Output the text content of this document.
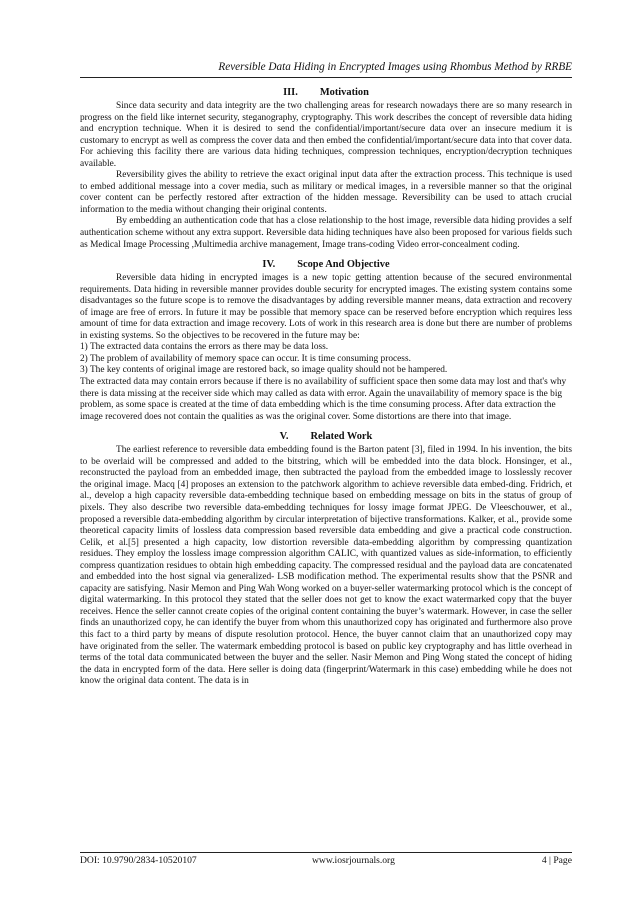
Reversible Data Hiding in Encrypted Images using Rhombus Method by RRBE
III. Motivation

Since data security and data integrity are the two challenging areas for research nowadays there are so many research in progress on the field like internet security, steganography, cryptography. This work describes the concept of reversible data hiding and encryption technique. When it is desired to send the confidential/important/secure data over an insecure medium it is customary to encrypt as well as compress the cover data and then embed the confidential/important/secure data into that cover data. For achieving this facility there are various data hiding techniques, compression techniques, encryption/decryption techniques available.

Reversibility gives the ability to retrieve the exact original input data after the extraction process. This technique is used to embed additional message into a cover media, such as military or medical images, in a reversible manner so that the original cover content can be perfectly restored after extraction of the hidden message. Reversibility can be used to attach crucial information to the media without changing their original contents.

By embedding an authentication code that has a close relationship to the host image, reversible data hiding provides a self authentication scheme without any extra support. Reversible data hiding techniques have also been proposed for various fields such as Medical Image Processing ,Multimedia archive management, Image trans-coding Video error-concealment coding.

IV. Scope And Objective

Reversible data hiding in encrypted images is a new topic getting attention because of the secured environmental requirements. Data hiding in reversible manner provides double security for encrypted images. The existing system contains some disadvantages so the future scope is to remove the disadvantages by adding reversible manner means, data extraction and recovery of image are free of errors. In future it may be possible that memory space can be reserved before encryption which requires less amount of time for data extraction and image recovery. Lots of work in this research area is done but there are number of problems in existing systems. So the objectives to be recovered in the future may be:

1) The extracted data contains the errors as there may be data loss.

2) The problem of availability of memory space can occur. It is time consuming process.

3) The key contents of original image are restored back, so image quality should not be hampered.

The extracted data may contain errors because if there is no availability of sufficient space then some data may lost and that's why there is data missing at the receiver side which may called as data with error. Again the unavailability of memory space is the big problem, as some space is created at the time of data embedding which is the time consuming process. After data extraction the image recovered does not contain the qualities as was the original cover. Some distortions are there into that image.

V. Related Work

The earliest reference to reversible data embedding found is the Barton patent [3], filed in 1994. In his invention, the bits to be overlaid will be compressed and added to the bitstring, which will be embedded into the data block. Honsinger, et al., reconstructed the payload from an embedded image, then subtracted the payload from the embedded image to losslessly recover the original image. Macq [4] proposes an extension to the patchwork algorithm to achieve reversible data embed-ding. Fridrich, et al., develop a high capacity reversible data-embedding technique based on embedding message on bits in the status of group of pixels. They also describe two reversible data-embedding techniques for lossy image format JPEG. De Vleeschouwer, et al., proposed a reversible data-embedding algorithm by circular interpretation of bijective transformations. Kalker, et al., provide some theoretical capacity limits of lossless data compression based reversible data embedding and give a practical code construction. Celik, et al.[5] presented a high capacity, low distortion reversible data-embedding algorithm by compressing quantization residues. They employ the lossless image compression algorithm CALIC, with quantized values as side-information, to efficiently compress quantization residues to obtain high embedding capacity. The compressed residual and the payload data are concatenated and embedded into the host signal via generalized- LSB modification method. The experimental results show that the PSNR and capacity are satisfying. Nasir Memon and Ping Wah Wong worked on a buyer-seller watermarking protocol which is the concept of digital watermarking. In this protocol they stated that the seller does not get to know the exact watermarked copy that the buyer receives. Hence the seller cannot create copies of the original content containing the buyer’s watermark. However, in case the seller finds an unauthorized copy, he can identify the buyer from whom this unauthorized copy has originated and furthermore also prove this fact to a third party by means of dispute resolution protocol. Hence, the buyer cannot claim that an unauthorized copy may have originated from the seller. The watermark embedding protocol is based on public key cryptography and has little overhead in terms of the total data communicated between the buyer and the seller. Nasir Memon and Ping Wong stated the concept of hiding the data in encrypted form of the data. Here seller is doing data (fingerprint/Watermark in this case) embedding while he does not know the original data content. The data is in

DOI: 10.9790/2834-10520107	www.iosrjournals.org	4 | Page
